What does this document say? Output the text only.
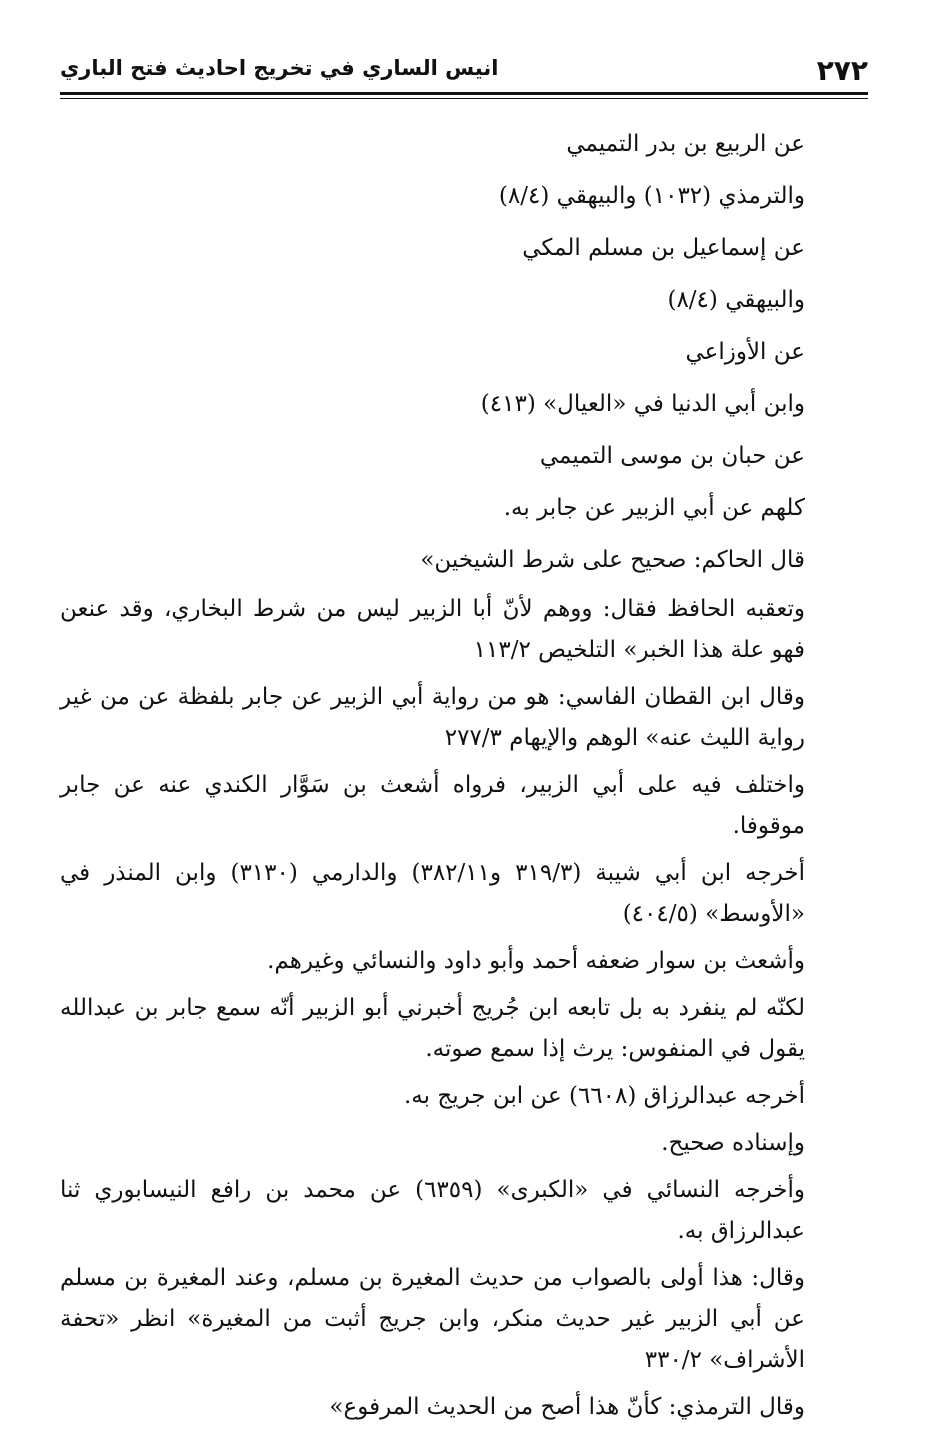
٢٧٢
انيس الساري في تخريج احاديث فتح الباري
عن الربيع بن بدر التميمي
والترمذي (١٠٣٢) والبيهقي (٨/٤)
عن إسماعيل بن مسلم المكي
والبيهقي (٨/٤)
عن الأوزاعي
وابن أبي الدنيا في «العيال» (٤١٣)
عن حبان بن موسى التميمي
كلهم عن أبي الزبير عن جابر به.
قال الحاكم: صحيح على شرط الشيخين»
وتعقبه الحافظ فقال: ووهم لأنّ أبا الزبير ليس من شرط البخاري، وقد عنعن فهو علة هذا الخبر» التلخيص ١١٣/٢
وقال ابن القطان الفاسي: هو من رواية أبي الزبير عن جابر بلفظة عن من غير رواية الليث عنه» الوهم والإيهام ٢٧٧/٣
واختلف فيه على أبي الزبير، فرواه أشعث بن سَوَّار الكندي عنه عن جابر موقوفا.
أخرجه ابن أبي شيبة (٣١٩/٣ و٣٨٢/١١) والدارمي (٣١٣٠) وابن المنذر في «الأوسط» (٤٠٤/٥)
وأشعث بن سوار ضعفه أحمد وأبو داود والنسائي وغيرهم.
لكنّه لم ينفرد به بل تابعه ابن جُريج أخبرني أبو الزبير أنّه سمع جابر بن عبدالله يقول في المنفوس: يرث إذا سمع صوته.
أخرجه عبدالرزاق (٦٦٠٨) عن ابن جريج به.
وإسناده صحيح.
وأخرجه النسائي في «الكبرى» (٦٣٥٩) عن محمد بن رافع النيسابوري ثنا عبدالرزاق به.
وقال: هذا أولى بالصواب من حديث المغيرة بن مسلم، وعند المغيرة بن مسلم عن أبي الزبير غير حديث منكر، وابن جريج أثبت من المغيرة» انظر «تحفة الأشراف» ٣٣٠/٢
وقال الترمذي: كأنّ هذا أصح من الحديث المرفوع»
